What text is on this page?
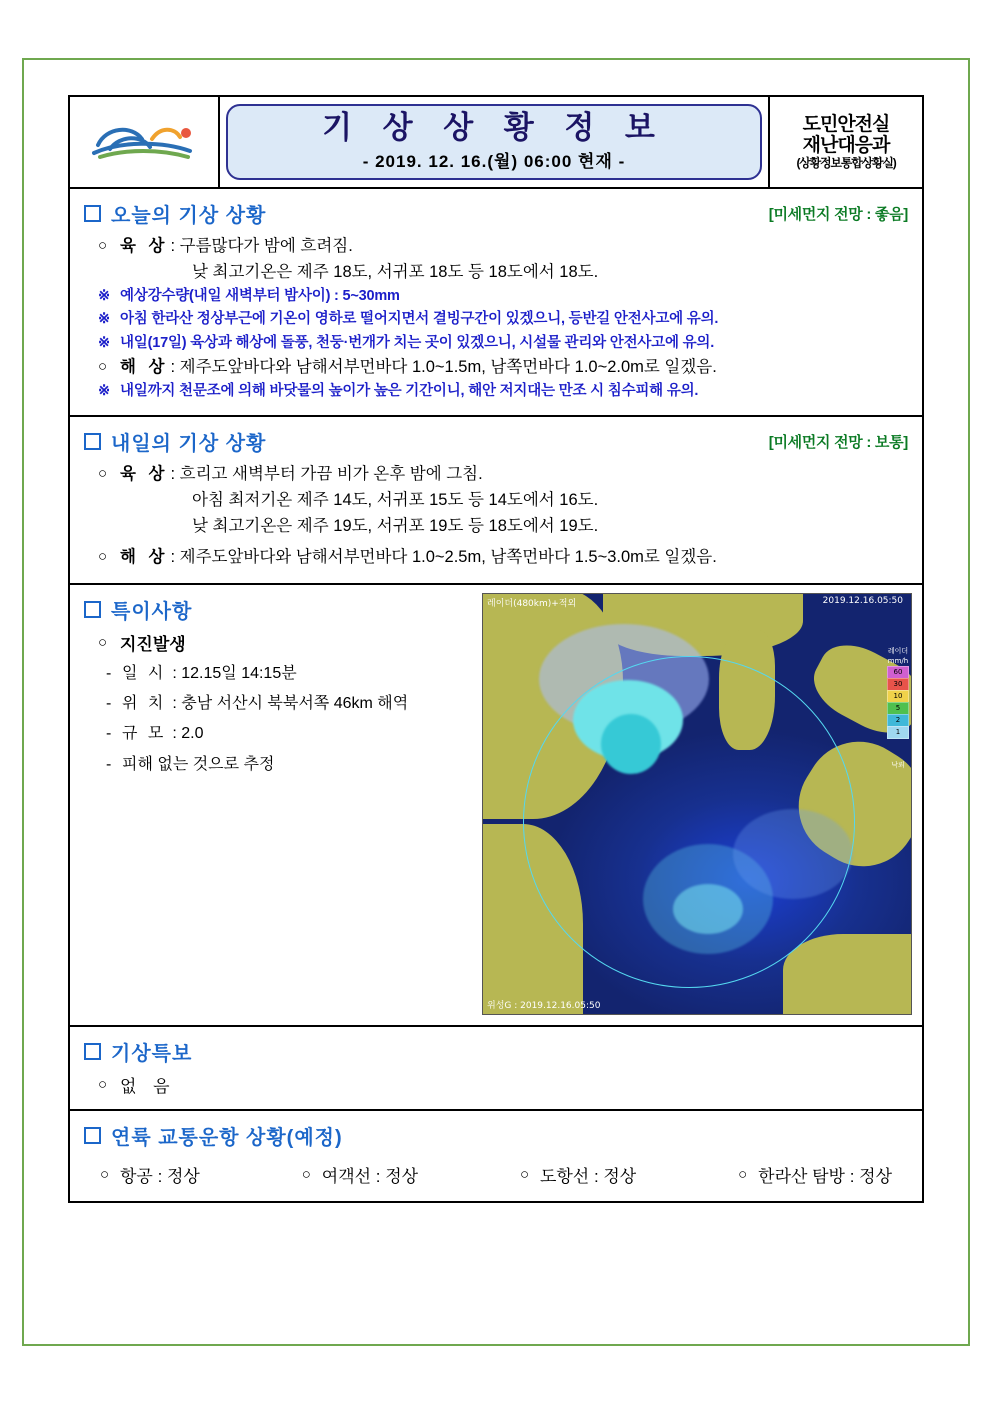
기 상 상 황 정 보
- 2019. 12. 16.(월) 06:00 현재 -
도민안전실
재난대응과
(상황정보통합상황실)
오늘의 기상 상황	[미세먼지 전망 : 좋음]
○ 육 상 : 구름많다가 밤에 흐려짐.
낮 최고기온은 제주 18도, 서귀포 18도 등 18도에서 18도.
※ 예상강수량(내일 새벽부터 밤사이) : 5~30mm
※ 아침 한라산 정상부근에 기온이 영하로 떨어지면서 결빙구간이 있겠으니, 등반길 안전사고에 유의.
※ 내일(17일) 육상과 해상에 돌풍, 천둥·번개가 치는 곳이 있겠으니, 시설물 관리와 안전사고에 유의.
○ 해 상 : 제주도앞바다와 남해서부먼바다 1.0~1.5m, 남쪽먼바다 1.0~2.0m로 일겠음.
※ 내일까지 천문조에 의해 바닷물의 높이가 높은 기간이니, 해안 저지대는 만조 시 침수피해 유의.
내일의 기상 상황	[미세먼지 전망 : 보통]
○ 육 상 : 흐리고 새벽부터 가끔 비가 온후 밤에 그침.
아침 최저기온 제주 14도, 서귀포 15도 등 14도에서 16도.
낮 최고기온은 제주 19도, 서귀포 19도 등 18도에서 19도.
○ 해 상 : 제주도앞바다와 남해서부먼바다 1.0~2.5m, 남쪽먼바다 1.5~3.0m로 일겠음.
특이사항
○ 지진발생
- 일 시 : 12.15일 14:15분
- 위 치 : 충남 서산시 북북서쪽 46km 해역
- 규 모 : 2.0
- 피해 없는 것으로 추정
레이더(480km)+적외	2019.12.16.05:50
위성G : 2019.12.16.05:50
레이더
mm/h
60
30
10
5
2
1
낙뢰
기상특보
○ 없 음
연륙 교통운항 상황(예정)
○ 항공 : 정상	○ 여객선 : 정상	○ 도항선 : 정상	○ 한라산 탐방 : 정상
